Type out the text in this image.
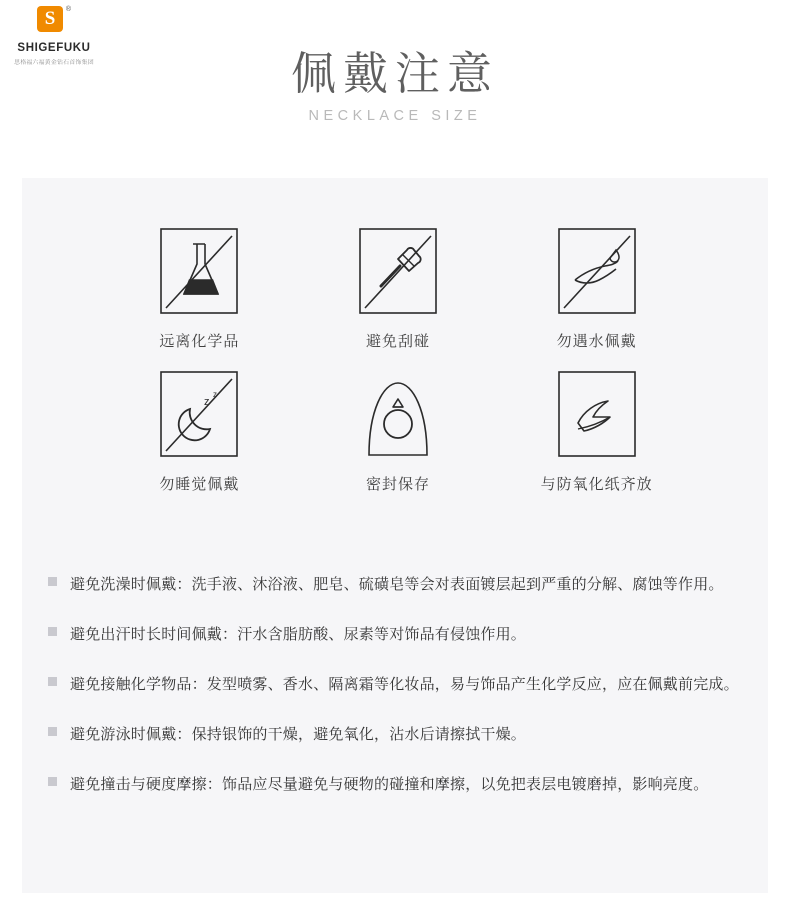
S	®
SHIGEFUKU
思格福六福黄金钻石首饰集团	佩戴注意
NECKLACE SIZE
远离化学品	避免刮碰	勿遇水佩戴
z
z
勿睡觉佩戴	密封保存	与防氧化纸齐放
避免洗澡时佩戴：洗手液、沐浴液、肥皂、硫磺皂等会对表面镀层起到严重的分解、腐蚀等作用。
避免出汗时长时间佩戴：汗水含脂肪酸、尿素等对饰品有侵蚀作用。
避免接触化学物品：发型喷雾、香水、隔离霜等化妆品，易与饰品产生化学反应，应在佩戴前完成。
避免游泳时佩戴：保持银饰的干燥，避免氧化，沾水后请擦拭干燥。
避免撞击与硬度摩擦：饰品应尽量避免与硬物的碰撞和摩擦，以免把表层电镀磨掉，影响亮度。
